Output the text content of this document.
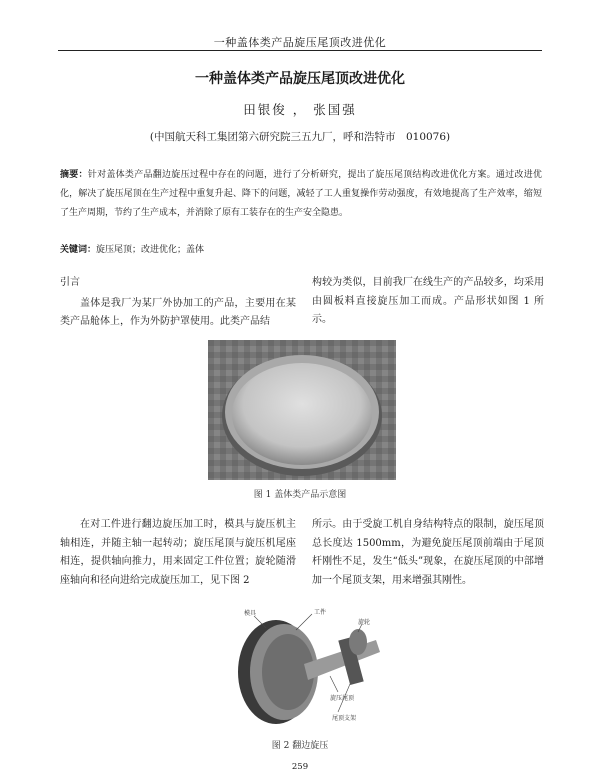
一种盖体类产品旋压尾顶改进优化
一种盖体类产品旋压尾顶改进优化
田银俊 ， 张国强
(中国航天科工集团第六研究院三五九厂，呼和浩特市　010076)
摘要：针对盖体类产品翻边旋压过程中存在的问题，进行了分析研究，提出了旋压尾顶结构改进优化方案。通过改进优化，解决了旋压尾顶在生产过程中重复升起、降下的问题，减轻了工人重复操作劳动强度，有效地提高了生产效率，缩短了生产周期，节约了生产成本，并消除了原有工装存在的生产安全隐患。
关键词：旋压尾顶；改进优化；盖体

引言

盖体是我厂为某厂外协加工的产品，主要用在某类产品舱体上，作为外防护罩使用。此类产品结

构较为类似，目前我厂在线生产的产品较多，均采用由圆板料直接旋压加工而成。产品形状如图 1 所示。

图 1 盖体类产品示意图

在对工件进行翻边旋压加工时，模具与旋压机主轴相连，并随主轴一起转动；旋压尾顶与旋压机尾座相连，提供轴向推力，用来固定工件位置；旋轮随滑座轴向和径向进给完成旋压加工，见下图 2

所示。由于受旋工机自身结构特点的限制，旋压尾顶总长度达 1500mm，为避免旋压尾顶前端由于尾顶杆刚性不足，发生“低头”现象，在旋压尾顶的中部增加一个尾顶支架，用来增强其刚性。

模具	工件
旋轮
旋压尾顶
尾顶支架
图 2 翻边旋压
259
